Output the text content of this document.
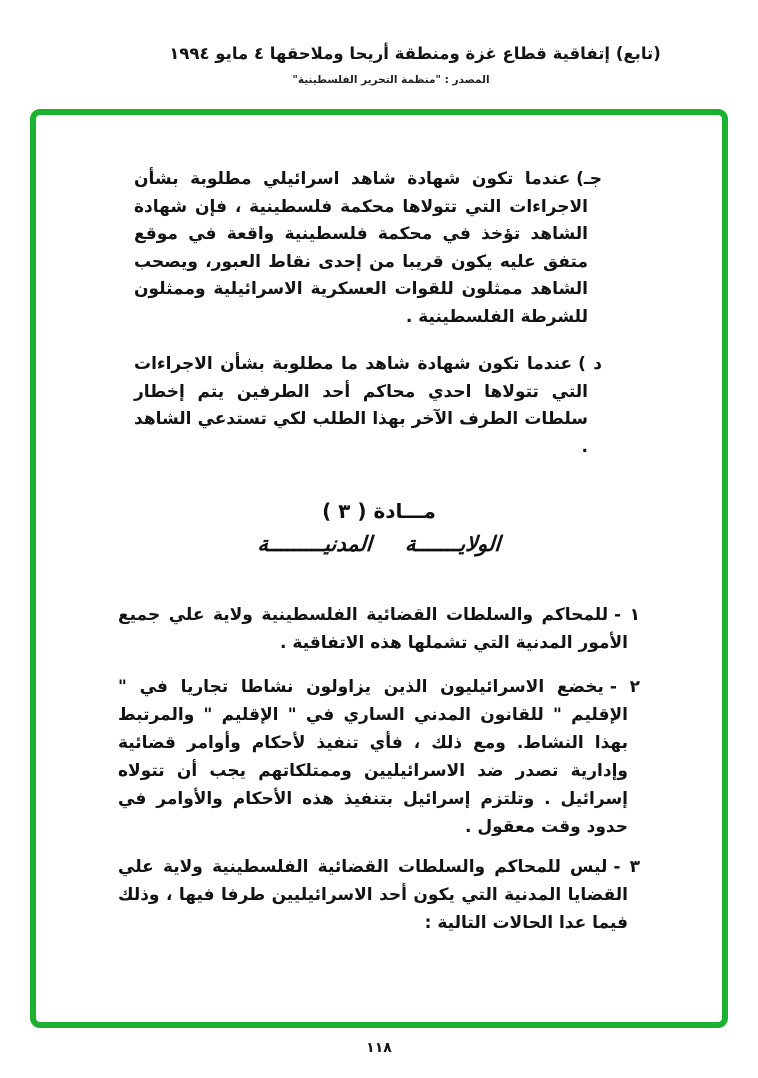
(تابع) إتفاقية قطاع غزة ومنطقة أريحا وملاحقها ٤ مايو ١٩٩٤
المصدر : "منظمة التحرير الفلسطينية"

جـ)عندما تكون شهادة شاهد اسرائيلي مطلوبة بشأن الاجراءات التي تتولاها محكمة فلسطينية ، فإن شهادة الشاهد تؤخذ في محكمة فلسطينية واقعة في موقع متفق عليه يكون قريبا من إحدى نقاط العبور، ويصحب الشاهد ممثلون للقوات العسكرية الاسرائيلية وممثلون للشرطة الفلسطينية .

د )عندما تكون شهادة شاهد ما مطلوبة بشأن الاجراءات التي تتولاها احدي محاكم أحد الطرفين يتم إخطار سلطات الطرف الآخر بهذا الطلب لكي تستدعي الشاهد .

مـــادة ( ٣ )
الولايـــــــة المدنيـــــــــة

١ -للمحاكم والسلطات القضائية الفلسطينية ولاية علي جميع الأمور المدنية التي تشملها هذه الاتفاقية .

٢ -يخضع الاسرائيليون الذين يزاولون نشاطا تجاريا في " الإقليم " للقانون المدني الساري في " الإقليم " والمرتبط بهذا النشاط. ومع ذلك ، فأي تنفيذ لأحكام وأوامر قضائية وإدارية تصدر ضد الاسرائيليين وممتلكاتهم يجب أن تتولاه إسرائيل . وتلتزم إسرائيل بتنفيذ هذه الأحكام والأوامر في حدود وقت معقول .

٣ -ليس للمحاكم والسلطات القضائية الفلسطينية ولاية علي القضايا المدنية التي يكون أحد الاسرائيليين طرفا فيها ، وذلك فيما عدا الحالات التالية :

١١٨
